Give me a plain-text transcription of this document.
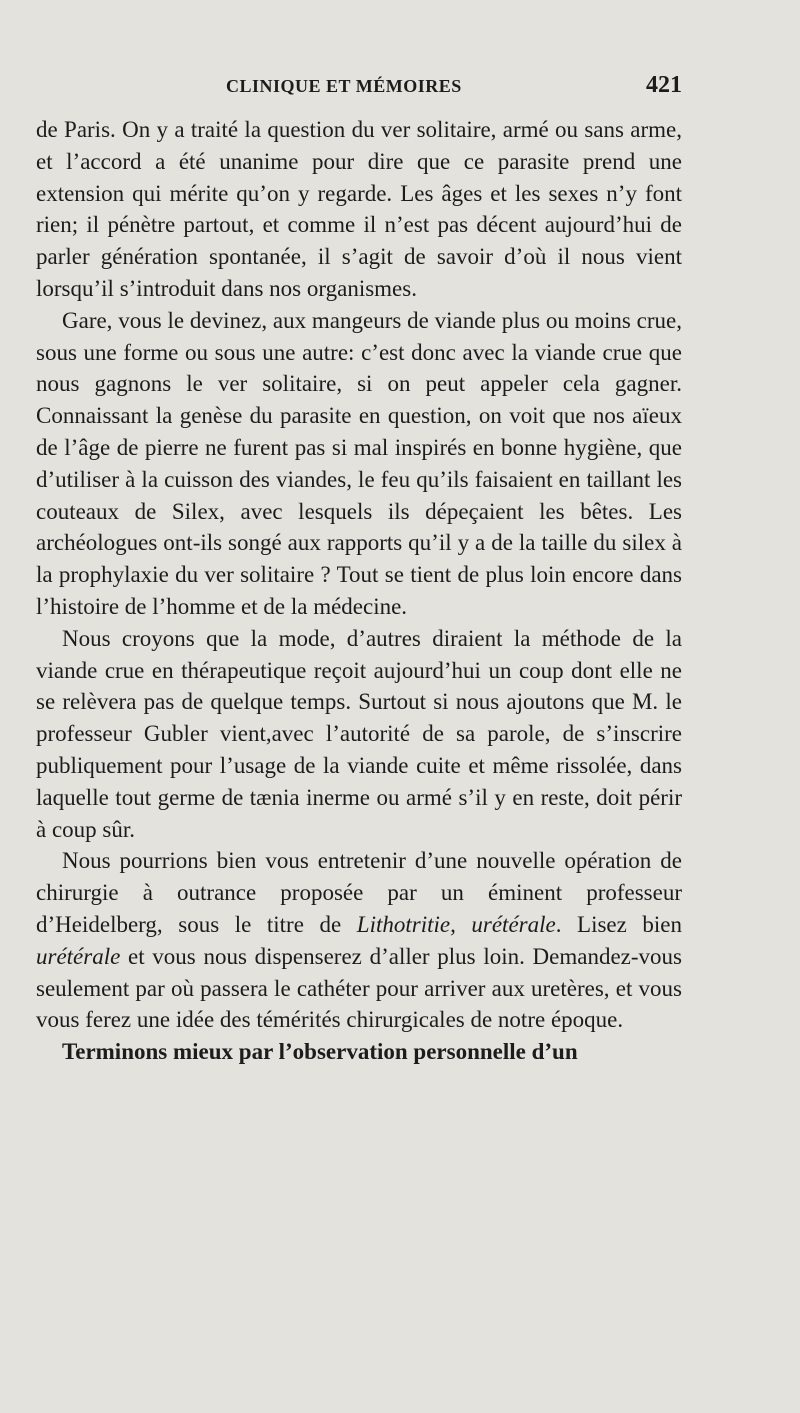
CLINIQUE ET MÉMOIRES	421

de Paris. On y a traité la question du ver solitaire, armé ou sans arme, et l’accord a été unanime pour dire que ce parasite prend une extension qui mérite qu’on y regarde. Les âges et les sexes n’y font rien; il pénètre partout, et comme il n’est pas décent aujourd’hui de parler génération spontanée, il s’agit de savoir d’où il nous vient lorsqu’il s’introduit dans nos organismes.

Gare, vous le devinez, aux mangeurs de viande plus ou moins crue, sous une forme ou sous une autre: c’est donc avec la viande crue que nous gagnons le ver solitaire, si on peut appeler cela gagner. Connaissant la genèse du parasite en question, on voit que nos aïeux de l’âge de pierre ne furent pas si mal inspirés en bonne hygiène, que d’utiliser à la cuisson des viandes, le feu qu’ils faisaient en taillant les couteaux de Silex, avec lesquels ils dépeçaient les bêtes. Les archéologues ont-ils songé aux rapports qu’il y a de la taille du silex à la prophylaxie du ver solitaire ? Tout se tient de plus loin encore dans l’histoire de l’homme et de la médecine.

Nous croyons que la mode, d’autres diraient la méthode de la viande crue en thérapeutique reçoit aujourd’hui un coup dont elle ne se relèvera pas de quelque temps. Surtout si nous ajoutons que M. le professeur Gubler vient,avec l’autorité de sa parole, de s’inscrire publiquement pour l’usage de la viande cuite et même rissolée, dans laquelle tout germe de tænia inerme ou armé s’il y en reste, doit périr à coup sûr.

Nous pourrions bien vous entretenir d’une nouvelle opération de chirurgie à outrance proposée par un éminent professeur d’Heidelberg, sous le titre de Lithotritie, urétérale. Lisez bien urétérale et vous nous dispenserez d’aller plus loin. Demandez-vous seulement par où passera le cathéter pour arriver aux uretères, et vous vous ferez une idée des témérités chirurgicales de notre époque.

Terminons mieux par l’observation personnelle d’un
